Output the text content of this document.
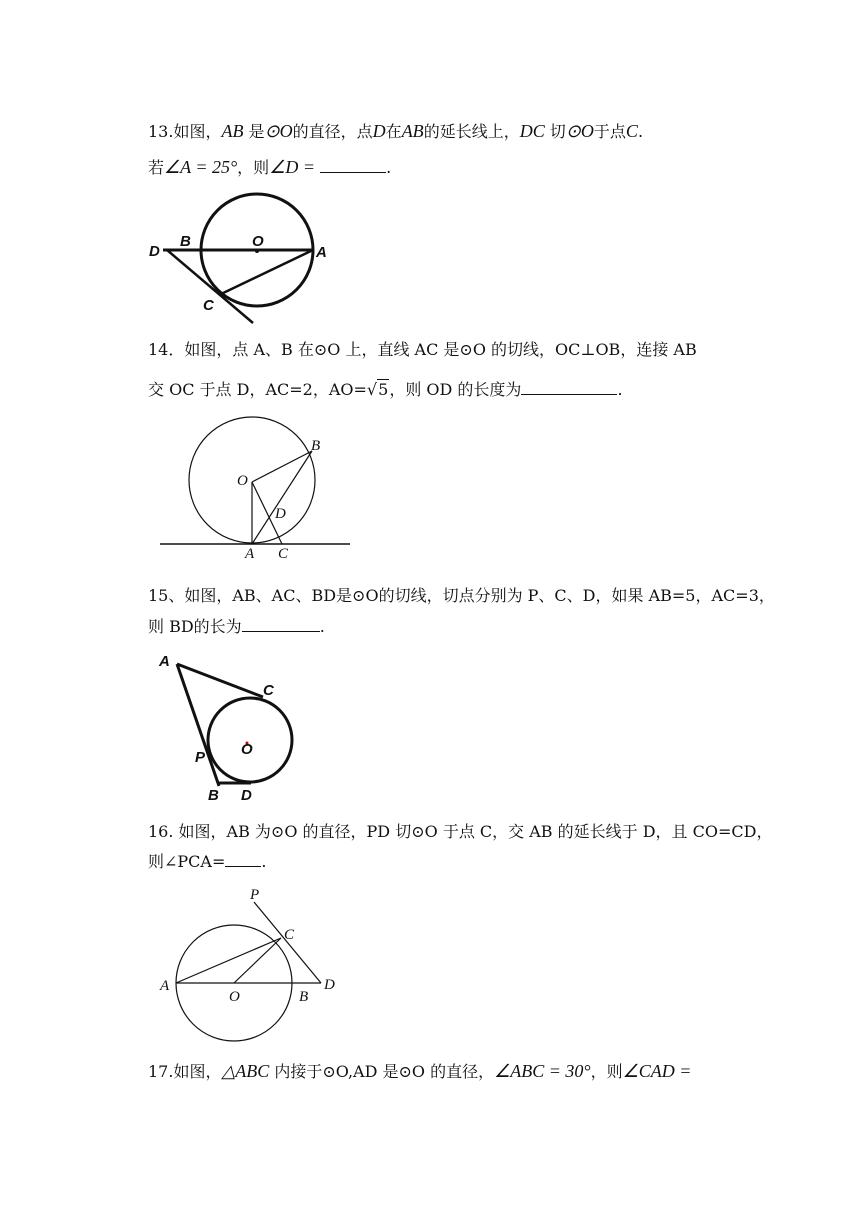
13.如图，AB 是⊙O的直径，点D在AB的延长线上，DC 切⊙O于点C.
若∠A = 25°，则∠D =	.
D
B	O
A
C
14．如图，点 A、B 在⊙O 上，直线 AC 是⊙O 的切线，OC⊥OB，连接 AB
交 OC 于点 D，AC=2，AO=√5，则 OD 的长度为	.
O
B
D
A C
15、如图，AB、AC、BD是⊙O的切线，切点分别为 P、C、D，如果 AB=5，AC=3，
则 BD的长为	.
A
C
O
P
B D
16. 如图，AB 为⊙O 的直径，PD 切⊙O 于点 C，交 AB 的延长线于 D，且 CO=CD，
则∠PCA= .
P
C
A
O	B
D
17.如图，△ABC 内接于⊙O,AD 是⊙O 的直径，∠ABC = 30°，则∠CAD =
